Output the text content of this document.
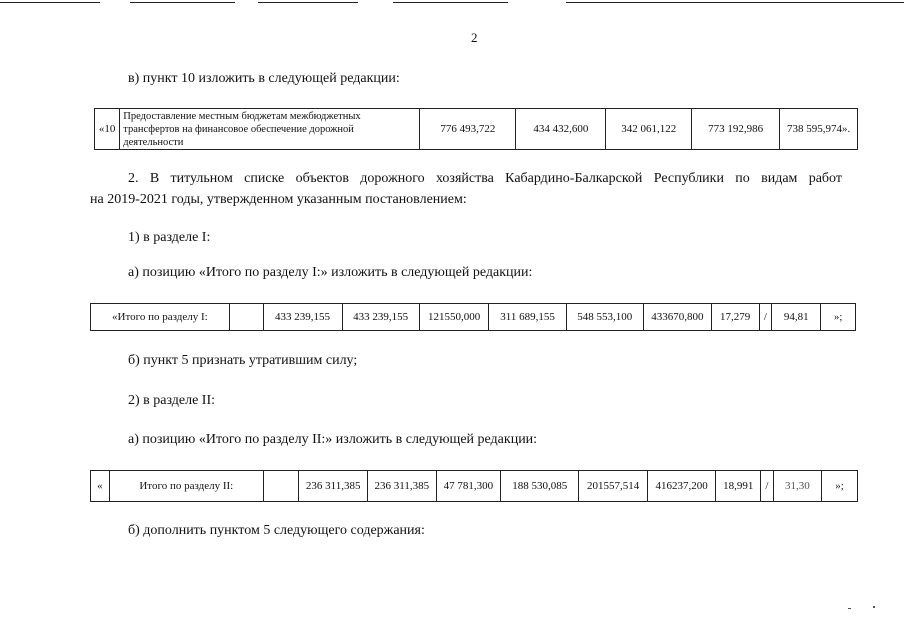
2
в) пункт 10 изложить в следующей редакции:
«10	Предоставление местным бюджетам межбюджетных трансфертов на финансовое обеспечение дорожной деятельности	776 493,722	434 432,600	342 061,122	773 192,986	738 595,974».
2. В титульном списке объектов дорожного хозяйства Кабардино-Балкарской Республики по видам работ
на 2019-2021 годы, утвержденном указанным постановлением:
1) в разделе I:
а) позицию «Итого по разделу I:» изложить в следующей редакции:
«Итого по разделу I:		433 239,155	433 239,155	121550,000	311 689,155	548 553,100	433670,800	17,279	/	94,81	»;
б) пункт 5 признать утратившим силу;
2) в разделе II:
а) позицию «Итого по разделу II:» изложить в следующей редакции:
«	Итого по разделу II:		236 311,385	236 311,385	47 781,300	188 530,085	201557,514	416237,200	18,991	/	31,30	»;
б) дополнить пунктом 5 следующего содержания:
